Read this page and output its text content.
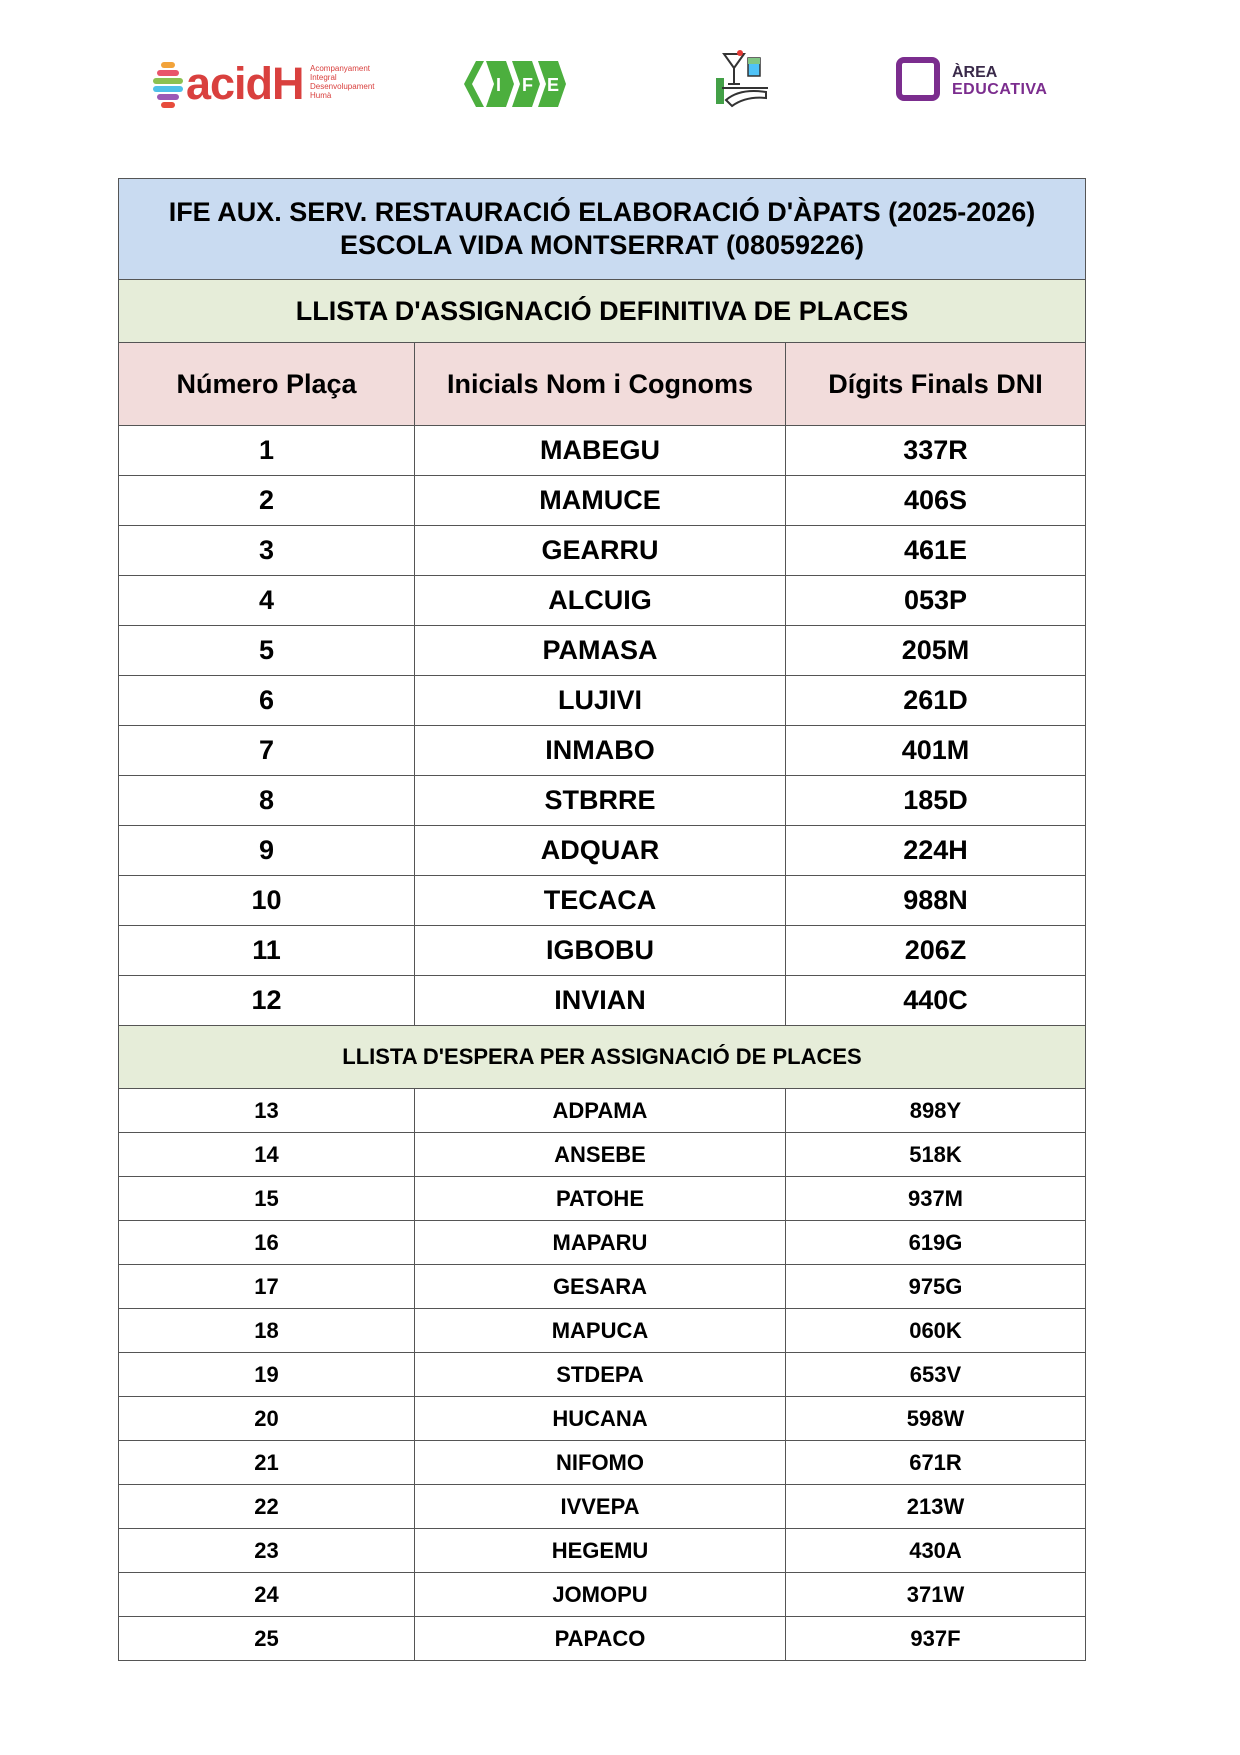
acidH Acompanyament Integral Desenvolupament Humà
I F E
ÀREA
EDUCATIVA
IFE AUX. SERV. RESTAURACIÓ ELABORACIÓ D'ÀPATS (2025-2026)
ESCOLA VIDA MONTSERRAT (08059226)		

LLISTA D'ASSIGNACIÓ DEFINITIVA DE PLACES		
Número Plaça	Inicials Nom i Cognoms	Dígits Finals DNI
1	MABEGU	337R
2	MAMUCE	406S
3	GEARRU	461E
4	ALCUIG	053P
5	PAMASA	205M
6	LUJIVI	261D
7	INMABO	401M
8	STBRRE	185D
9	ADQUAR	224H
10	TECACA	988N
11	IGBOBU	206Z
12	INVIAN	440C
LLISTA D'ESPERA PER ASSIGNACIÓ DE PLACES		
13	ADPAMA	898Y
14	ANSEBE	518K
15	PATOHE	937M
16	MAPARU	619G
17	GESARA	975G
18	MAPUCA	060K
19	STDEPA	653V
20	HUCANA	598W
21	NIFOMO	671R
22	IVVEPA	213W
23	HEGEMU	430A
24	JOMOPU	371W
25	PAPACO	937F
